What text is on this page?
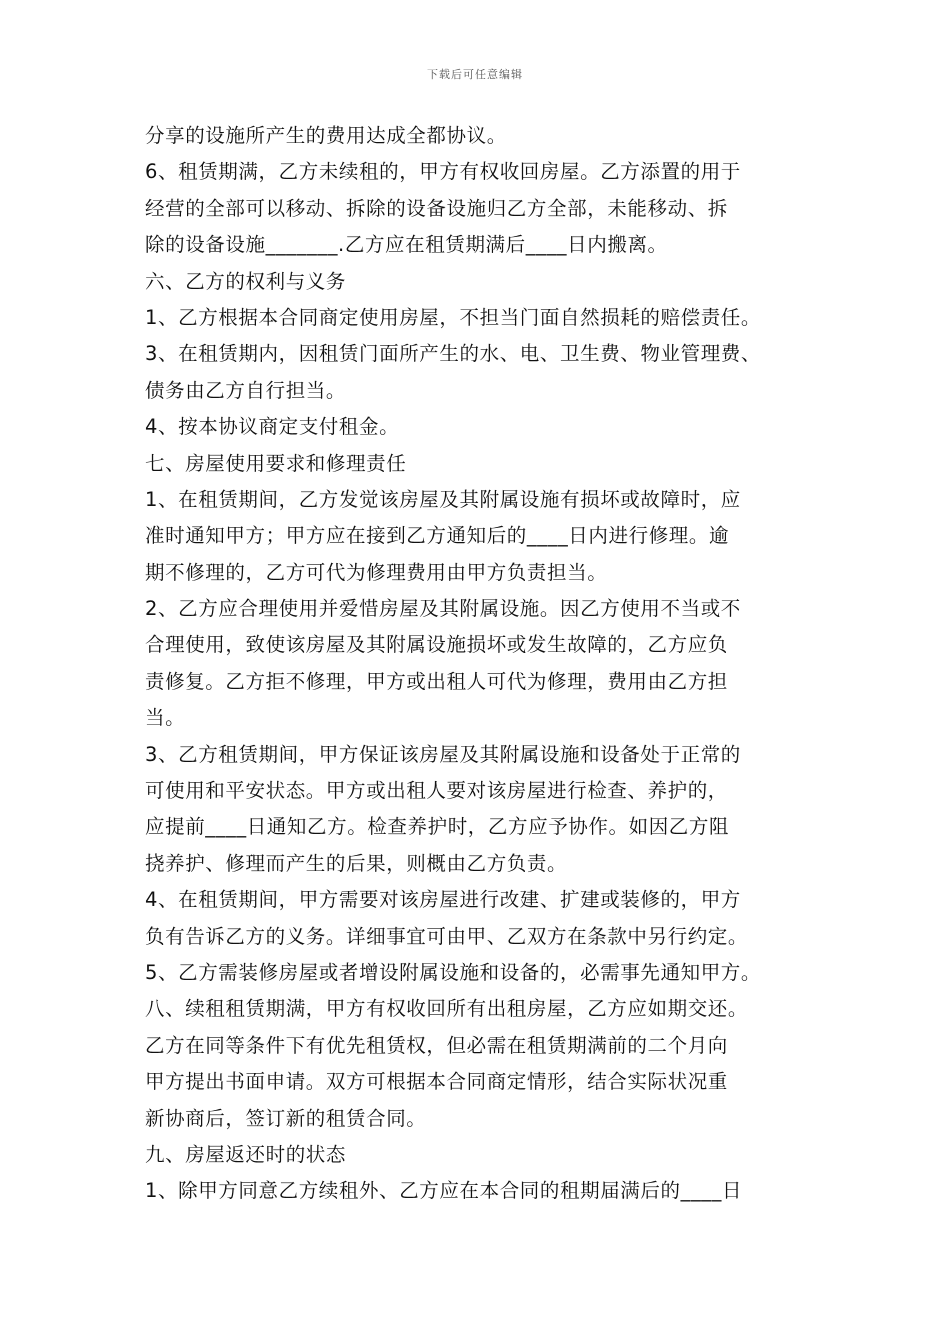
下载后可任意编辑
分享的设施所产生的费用达成全都协议。
6、租赁期满，乙方未续租的，甲方有权收回房屋。乙方添置的用于
经营的全部可以移动、拆除的设备设施归乙方全部，未能移动、拆
除的设备设施_______.乙方应在租赁期满后____日内搬离。
六、乙方的权利与义务
1、乙方根据本合同商定使用房屋，不担当门面自然损耗的赔偿责任。
3、在租赁期内，因租赁门面所产生的水、电、卫生费、物业管理费、
债务由乙方自行担当。
4、按本协议商定支付租金。
七、房屋使用要求和修理责任
1、在租赁期间，乙方发觉该房屋及其附属设施有损坏或故障时，应
准时通知甲方；甲方应在接到乙方通知后的____日内进行修理。逾
期不修理的，乙方可代为修理费用由甲方负责担当。
2、乙方应合理使用并爱惜房屋及其附属设施。因乙方使用不当或不
合理使用，致使该房屋及其附属设施损坏或发生故障的，乙方应负
责修复。乙方拒不修理，甲方或出租人可代为修理，费用由乙方担
当。
3、乙方租赁期间，甲方保证该房屋及其附属设施和设备处于正常的
可使用和平安状态。甲方或出租人要对该房屋进行检查、养护的，
应提前____日通知乙方。检查养护时，乙方应予协作。如因乙方阻
挠养护、修理而产生的后果，则概由乙方负责。
4、在租赁期间，甲方需要对该房屋进行改建、扩建或装修的，甲方
负有告诉乙方的义务。详细事宜可由甲、乙双方在条款中另行约定。
5、乙方需装修房屋或者增设附属设施和设备的，必需事先通知甲方。
八、续租租赁期满，甲方有权收回所有出租房屋，乙方应如期交还。
乙方在同等条件下有优先租赁权，但必需在租赁期满前的二个月向
甲方提出书面申请。双方可根据本合同商定情形，结合实际状况重
新协商后，签订新的租赁合同。
九、房屋返还时的状态
1、除甲方同意乙方续租外、乙方应在本合同的租期届满后的____日
